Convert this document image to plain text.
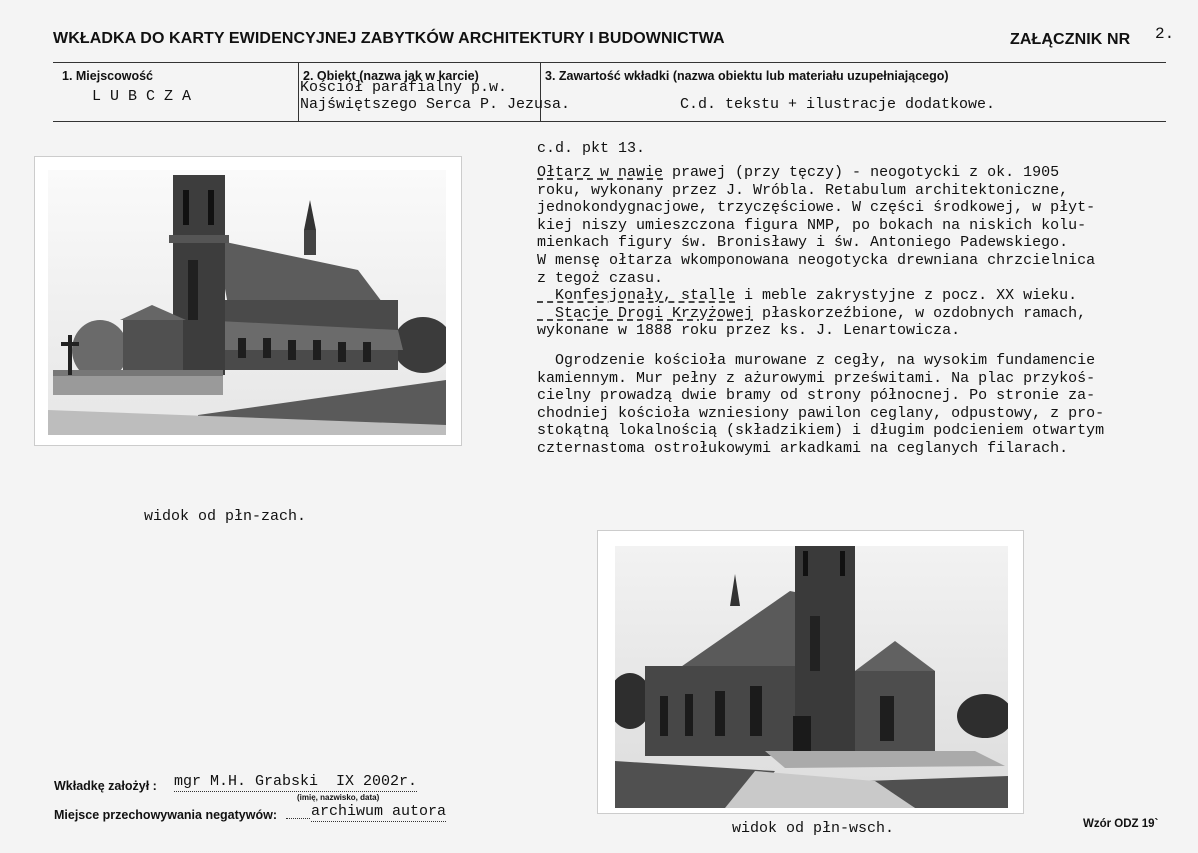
WKŁADKA DO KARTY EWIDENCYJNEJ ZABYTKÓW ARCHITEKTURY I BUDOWNICTWA	ZAŁĄCZNIK NR 2.
1. Miejscowość
L U B C Z A
2. Obiekt (nazwa jak w karcie)
Kościół parafialny p.w.
Najświętszego Serca P. Jezusa.
3. Zawartość wkładki (nazwa obiektu lub materiału uzupełniającego)
C.d. tekstu + ilustracje dodatkowe.
c.d. pkt 13.
Ołtarz w nawie prawej (przy tęczy) - neogotycki z ok. 1905
roku, wykonany przez J. Wróbla. Retabulum architektoniczne,
jednokondygnacjowe, trzyczęściowe. W części środkowej, w płyt-
kiej niszy umieszczona figura NMP, po bokach na niskich kolu-
mienkach figury św. Bronisławy i św. Antoniego Padewskiego.
W mensę ołtarza wkomponowana neogotycka drewniana chrzcielnica
z tegoż czasu.
Konfesjonały, stalle i meble zakrystyjne z pocz. XX wieku.
Stacje Drogi Krzyżowej płaskorzeźbione, w ozdobnych ramach,
wykonane w 1888 roku przez ks. J. Lenartowicza.
Ogrodzenie kościoła murowane z cegły, na wysokim fundamencie
kamiennym. Mur pełny z ażurowymi prześwitami. Na plac przykoś-
cielny prowadzą dwie bramy od strony północnej. Po stronie za-
chodniej kościoła wzniesiony pawilon ceglany, odpustowy, z pro-
stokątną lokalnością (składzikiem) i długim podcieniem otwartym
czternastoma ostrołukowymi arkadkami na ceglanych filarach.
widok od płn-zach.
widok od płn-wsch.
Wkładkę założył : mgr M.H. Grabski  IX 2002r.
(imię, nazwisko, data)
Miejsce przechowywania negatywów: archiwum autora
Wzór ODZ 19`
